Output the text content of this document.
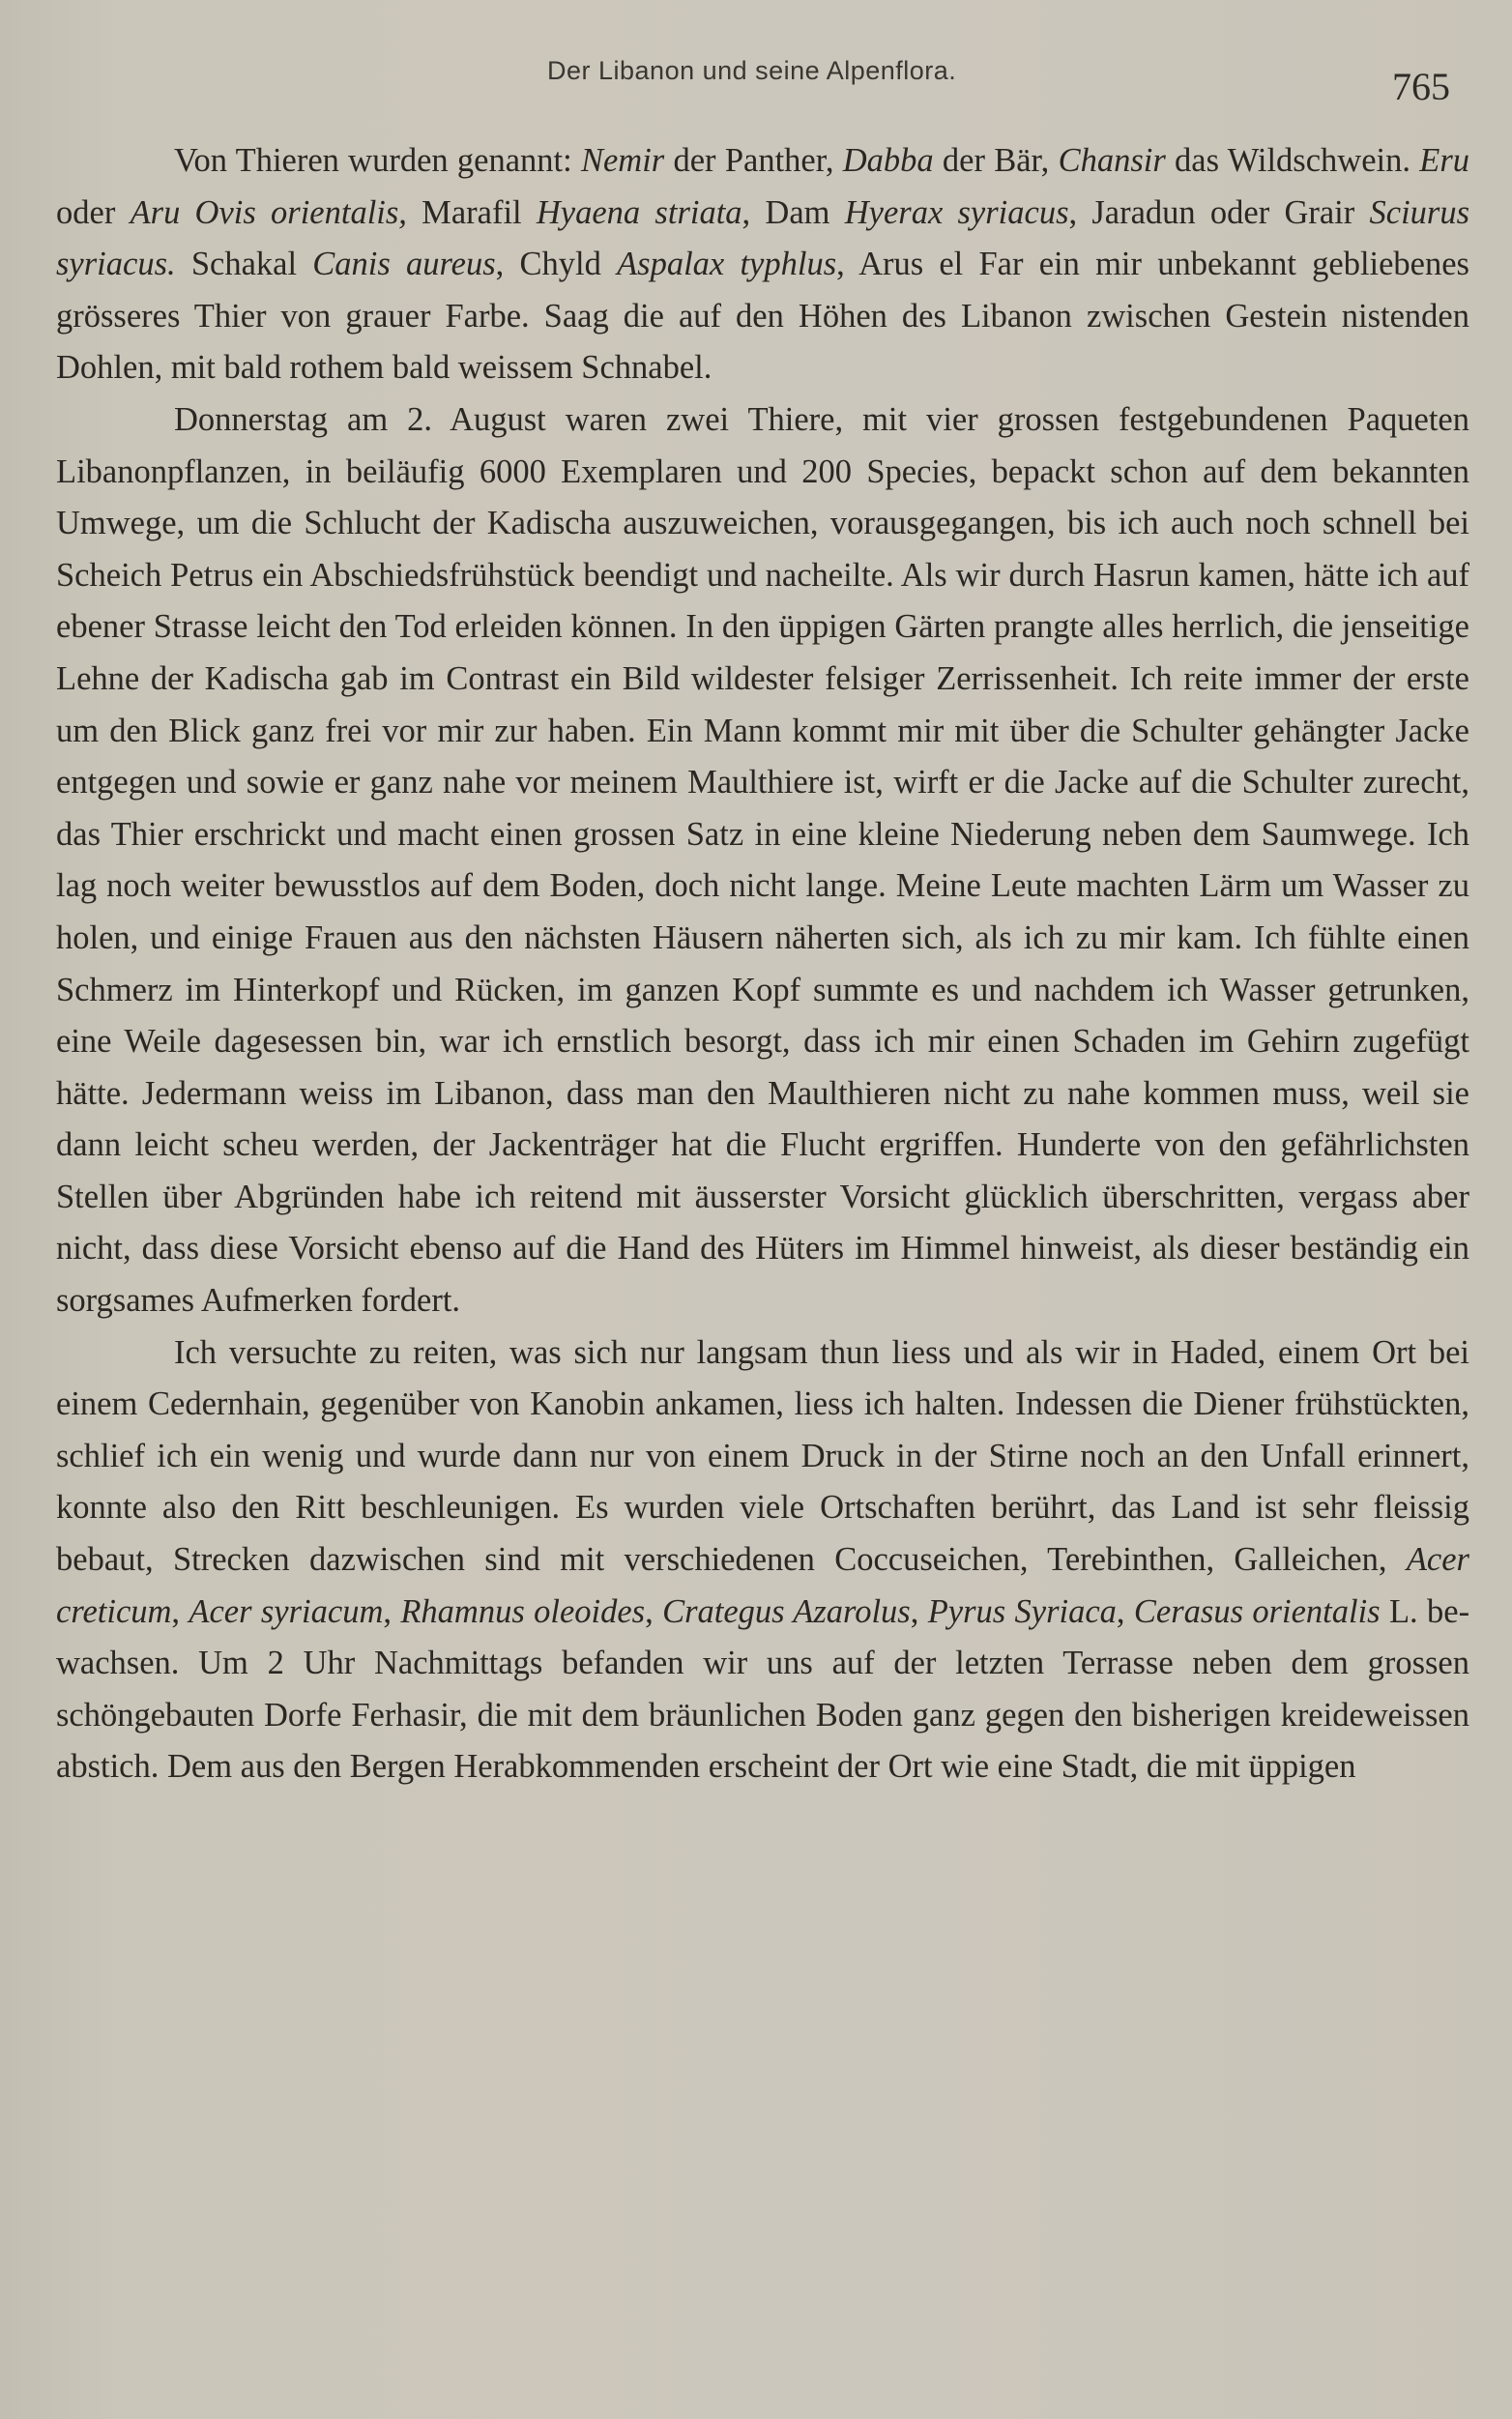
Der Libanon und seine Alpenflora.	765

Von Thieren wurden genannt: Nemir der Panther, Dabba der Bär, Chansir das Wildschwein. Eru oder Aru Ovis orientalis, Marafil Hyaena striata, Dam Hyerax syriacus, Jaradun oder Grair Sciurus syriacus. Schakal Canis aureus, Chyld Aspalax typhlus, Arus el Far ein mir unbekannt gebliebenes grösseres Thier von grauer Farbe. Saag die auf den Höhen des Libanon zwischen Gestein nistenden Dohlen, mit bald rothem bald weissem Schnabel.

Donnerstag am 2. August waren zwei Thiere, mit vier grossen festgebundenen Paqueten Libanonpflanzen, in beiläufig 6000 Exemplaren und 200 Species, bepackt schon auf dem bekannten Umwege, um die Schlucht der Kadischa auszuweichen, vorausgegangen, bis ich auch noch schnell bei Scheich Petrus ein Abschiedsfrühstück beendigt und nacheilte. Als wir durch Hasrun kamen, hätte ich auf ebener Strasse leicht den Tod erleiden können. In den üppigen Gärten prangte alles herrlich, die jenseitige Lehne der Kadischa gab im Contrast ein Bild wildester felsiger Zerrissenheit. Ich reite immer der erste um den Blick ganz frei vor mir zur haben. Ein Mann kommt mir mit über die Schulter gehängter Jacke entgegen und sowie er ganz nahe vor meinem Maulthiere ist, wirft er die Jacke auf die Schulter zurecht, das Thier erschrickt und macht einen grossen Satz in eine kleine Niederung neben dem Saumwege. Ich lag noch weiter bewusstlos auf dem Boden, doch nicht lange. Meine Leute machten Lärm um Wasser zu holen, und einige Frauen aus den nächsten Häusern näherten sich, als ich zu mir kam. Ich fühlte einen Schmerz im Hinterkopf und Rücken, im ganzen Kopf summte es und nachdem ich Wasser getrunken, eine Weile dagesessen bin, war ich ernstlich besorgt, dass ich mir einen Schaden im Gehirn zugefügt hätte. Jedermann weiss im Libanon, dass man den Maulthieren nicht zu nahe kommen muss, weil sie dann leicht scheu werden, der Jackenträger hat die Flucht ergriffen. Hunderte von den gefährlichsten Stellen über Abgründen habe ich reitend mit äusserster Vorsicht glücklich überschritten, vergass aber nicht, dass diese Vorsicht ebenso auf die Hand des Hüters im Himmel hinweist, als dieser beständig ein sorgsames Aufmerken fordert.

Ich versuchte zu reiten, was sich nur langsam thun liess und als wir in Haded, einem Ort bei einem Cedernhain, gegenüber von Kanobin ankamen, liess ich halten. Indessen die Diener frühstückten, schlief ich ein wenig und wurde dann nur von einem Druck in der Stirne noch an den Unfall erinnert, konnte also den Ritt beschleunigen. Es wurden viele Ortschaften berührt, das Land ist sehr fleissig bebaut, Strecken dazwischen sind mit verschiedenen Coccuseichen, Terebinthen, Galleichen, Acer creticum, Acer syriacum, Rhamnus oleoides, Crategus Azarolus, Pyrus Syriaca, Cerasus orientalis L. bewachsen. Um 2 Uhr Nachmittags befanden wir uns auf der letzten Terrasse neben dem grossen schöngebauten Dorfe Ferhasir, die mit dem bräunlichen Boden ganz gegen den bisherigen kreideweissen abstich. Dem aus den Bergen Herabkommenden erscheint der Ort wie eine Stadt, die mit üppigen
